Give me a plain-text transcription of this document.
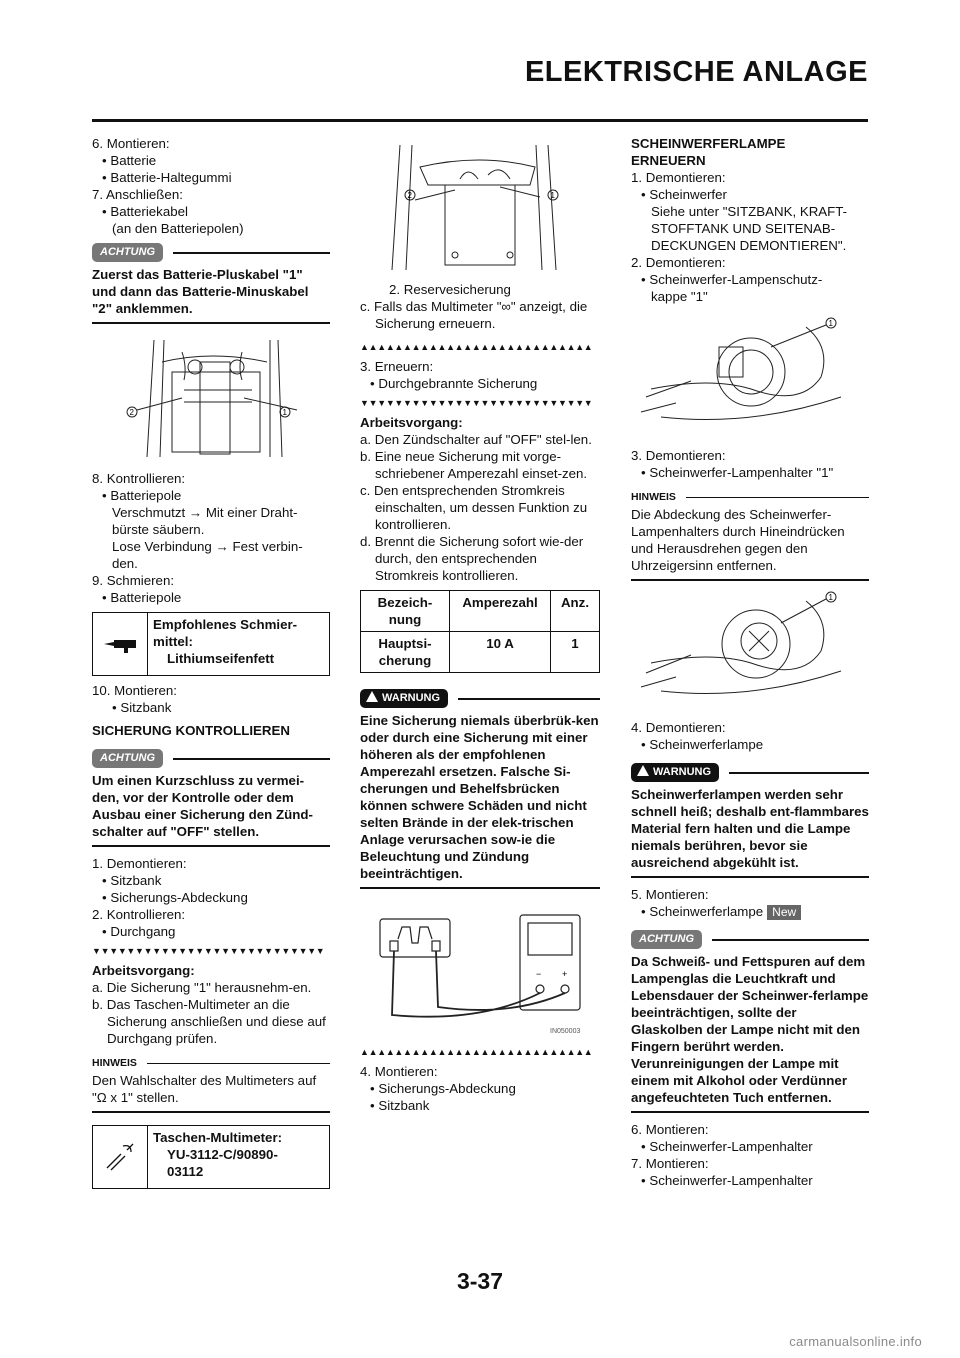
ELEKTRISCHE ANLAGE
6. Montieren:
• Batterie
• Batterie-Haltegummi
7. Anschließen:
• Batteriekabel
(an den Batteriepolen)
ACHTUNG
Zuerst das Batterie-Pluskabel "1" und dann das Batterie-Minuskabel "2" anklemmen.
2	1
8. Kontrollieren:
• Batteriepole
Verschmutzt → Mit einer Draht-
bürste säubern.
Lose Verbindung → Fest verbin-
den.
9. Schmieren:
• Batteriepole
Empfohlenes Schmier-
mittel:
Lithiumseifenfett
10. Montieren:
• Sitzbank
SICHERUNG KONTROLLIEREN
ACHTUNG
Um einen Kurzschluss zu vermei-den, vor der Kontrolle oder dem Ausbau einer Sicherung den Zünd-schalter auf "OFF" stellen.
1. Demontieren:
• Sitzbank
• Sicherungs-Abdeckung
2. Kontrollieren:
• Durchgang
▼▼▼▼▼▼▼▼▼▼▼▼▼▼▼▼▼▼▼▼▼▼▼▼▼▼▼
Arbeitsvorgang:
a. Die Sicherung "1" herausnehm-en.
b. Das Taschen-Multimeter an die Sicherung anschließen und diese auf Durchgang prüfen.
HINWEIS
Den Wahlschalter des Multimeters auf "Ω x 1" stellen.
Taschen-Multimeter:
YU-3112-C/90890-
03112
2	1
2. Reservesicherung
c. Falls das Multimeter "∞" anzeigt, die Sicherung erneuern.
▲▲▲▲▲▲▲▲▲▲▲▲▲▲▲▲▲▲▲▲▲▲▲▲▲▲▲
3. Erneuern:
• Durchgebrannte Sicherung
▼▼▼▼▼▼▼▼▼▼▼▼▼▼▼▼▼▼▼▼▼▼▼▼▼▼▼
Arbeitsvorgang:
a. Den Zündschalter auf "OFF" stel-len.
b. Eine neue Sicherung mit vorge-schriebener Amperezahl einset-zen.
c. Den entsprechenden Stromkreis einschalten, um dessen Funktion zu kontrollieren.
d. Brennt die Sicherung sofort wie-der durch, den entsprechenden Stromkreis kontrollieren.
Bezeich-nung	Amperezahl	Anz.
Hauptsi-cherung	10 A	1
WARNUNG
Eine Sicherung niemals überbrük-ken oder durch eine Sicherung mit einer höheren als der empfohlenen Amperezahl ersetzen. Falsche Si-cherungen und Behelfsbrücken können schwere Schäden und nicht selten Brände in der elek-trischen Anlage verursachen sow-ie die Beleuchtung und Zündung beeinträchtigen.
− +
IN050003
▲▲▲▲▲▲▲▲▲▲▲▲▲▲▲▲▲▲▲▲▲▲▲▲▲▲▲
4. Montieren:
• Sicherungs-Abdeckung
• Sitzbank
SCHEINWERFERLAMPE
ERNEUERN
1. Demontieren:
• Scheinwerfer
Siehe unter "SITZBANK, KRAFT-
STOFFTANK UND SEITENAB-
DECKUNGEN DEMONTIEREN".
2. Demontieren:
• Scheinwerfer-Lampenschutz-
kappe "1"
1
3. Demontieren:
• Scheinwerfer-Lampenhalter "1"
HINWEIS
Die Abdeckung des Scheinwerfer-Lampenhalters durch Hineindrücken und Herausdrehen gegen den Uhrzeigersinn entfernen.
1
4. Demontieren:
• Scheinwerferlampe
WARNUNG
Scheinwerferlampen werden sehr schnell heiß; deshalb ent-flammbares Material fern halten und die Lampe niemals berühren, bevor sie ausreichend abgekühlt ist.
5. Montieren:
• Scheinwerferlampe New
ACHTUNG
Da Schweiß- und Fettspuren auf dem Lampenglas die Leuchtkraft und Lebensdauer der Scheinwer-ferlampe beeinträchtigen, sollte der Glaskolben der Lampe nicht mit den Fingern berührt werden. Verunreinigungen der Lampe mit einem mit Alkohol oder Verdünner angefeuchteten Tuch entfernen.
6. Montieren:
• Scheinwerfer-Lampenhalter
7. Montieren:
• Scheinwerfer-Lampenhalter
3-37
carmanualsonline.info
